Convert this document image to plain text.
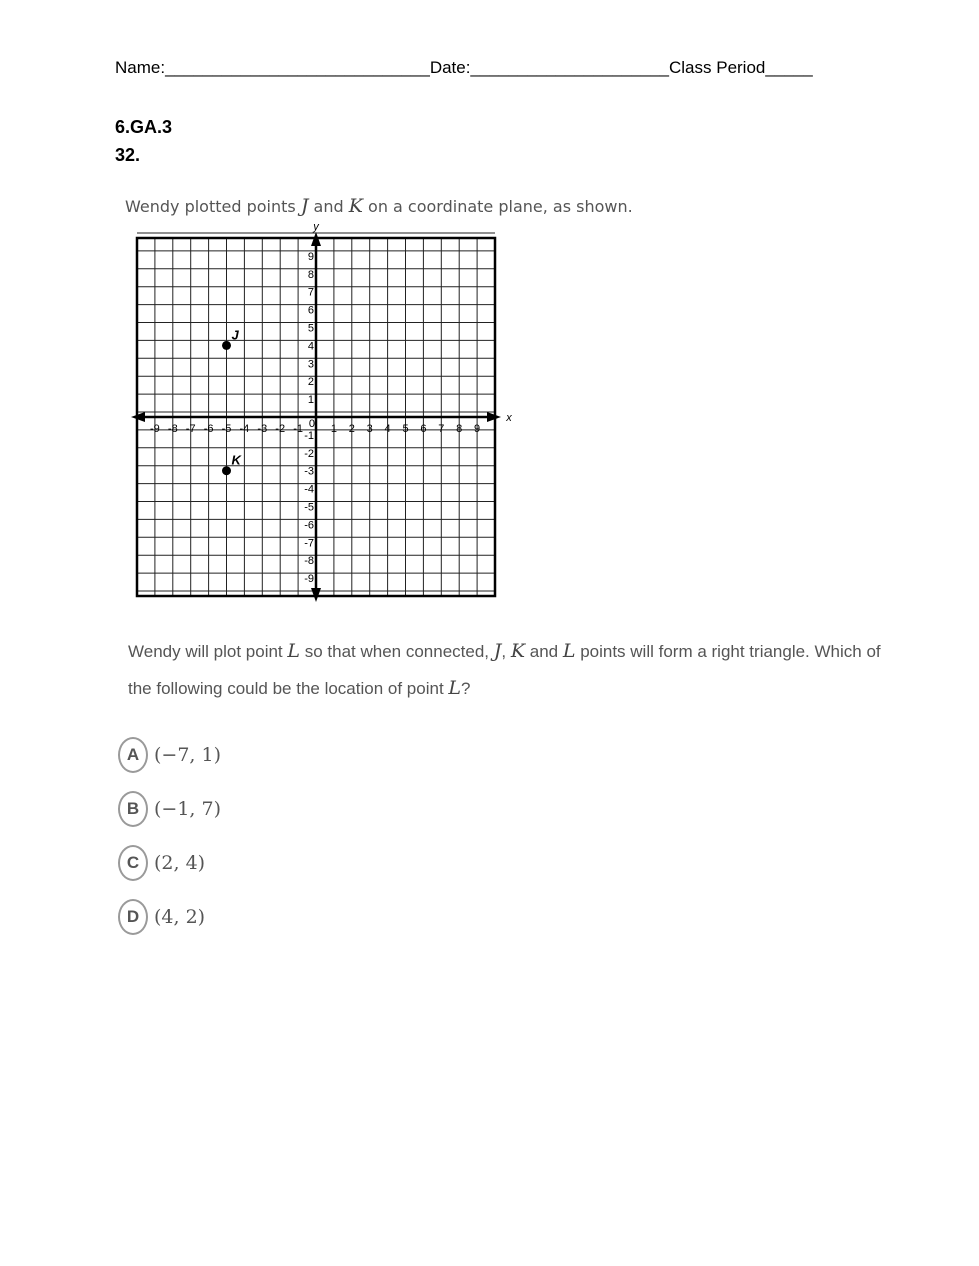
Name:____________________________Date:_____________________Class Period_____
6.GA.3
32.
Wendy plotted points J and K on a coordinate plane, as shown.
y
x
-9 -8 -7 -6 -5 -4 -3 -2 -1	1 2 3 4 5 6 7 8 9
9
8
7
6
5
4
3
2
1
-1
-2
-3
-4
-5
-6
-7
-8
-9
0
J
K
Wendy will plot point L so that when connected, J, K and L points will form a right triangle. Which of the following could be the location of point L?
A (−7, 1)
B (−1, 7)
C (2, 4)
D (4, 2)
